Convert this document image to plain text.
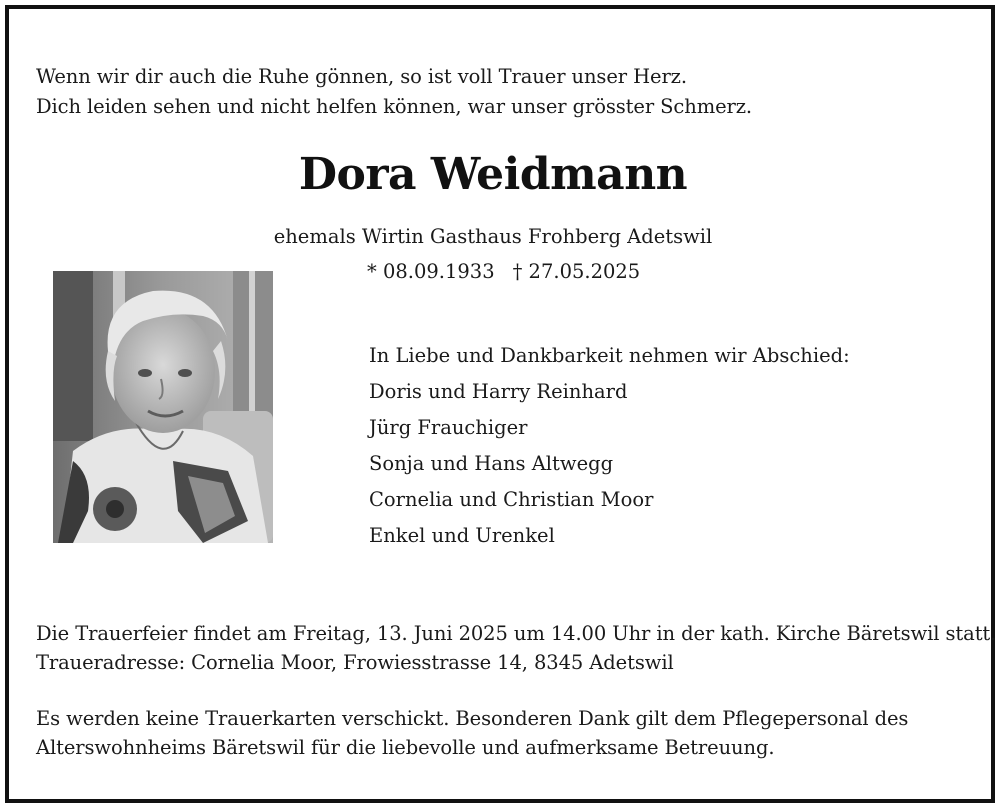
Wenn wir dir auch die Ruhe gönnen, so ist voll Trauer unser Herz.
Dich leiden sehen und nicht helfen können, war unser grösster Schmerz.
Dora Weidmann
ehemals Wirtin Gasthaus Frohberg Adetswil
* 08.09.1933 † 27.05.2025
In Liebe und Dankbarkeit nehmen wir Abschied:
Doris und Harry Reinhard
Jürg Frauchiger
Sonja und Hans Altwegg
Cornelia und Christian Moor
Enkel und Urenkel
Die Trauerfeier findet am Freitag, 13. Juni 2025 um 14.00 Uhr in der kath. Kirche Bäretswil statt.
Traueradresse: Cornelia Moor, Frowiesstrasse 14, 8345 Adetswil
Es werden keine Trauerkarten verschickt. Besonderen Dank gilt dem Pflegepersonal des
Alterswohnheims Bäretswil für die liebevolle und aufmerksame Betreuung.
